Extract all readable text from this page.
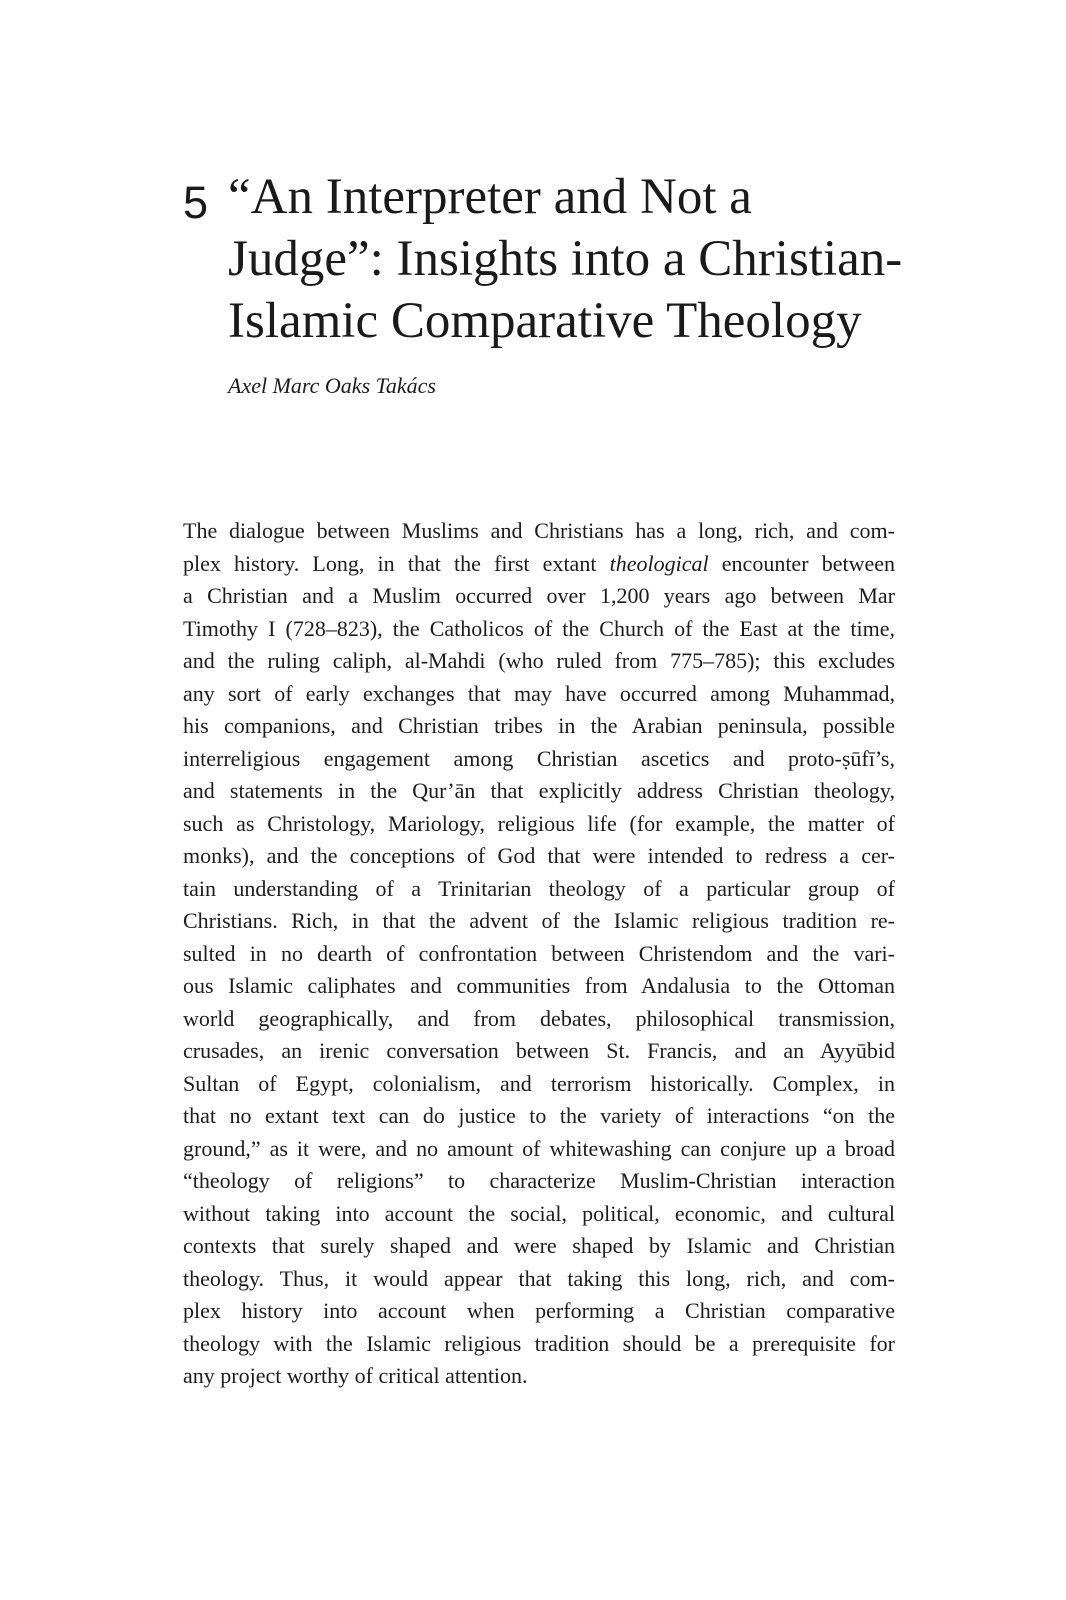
5 “An Interpreter and Not a
Judge”: Insights into a Christian-
Islamic Comparative Theology
Axel Marc Oaks Takács
The dialogue between Muslims and Christians has a long, rich, and com-
plex history. Long, in that the first extant theological encounter between
a Christian and a Muslim occurred over 1,200 years ago between Mar
Timothy I (728–823), the Catholicos of the Church of the East at the time,
and the ruling caliph, al-Mahdi (who ruled from 775–785); this excludes
any sort of early exchanges that may have occurred among Muhammad,
his companions, and Christian tribes in the Arabian peninsula, possible
interreligious engagement among Christian ascetics and proto-ṣūfī’s,
and statements in the Qur’ān that explicitly address Christian theology,
such as Christology, Mariology, religious life (for example, the matter of
monks), and the conceptions of God that were intended to redress a cer-
tain understanding of a Trinitarian theology of a particular group of
Christians. Rich, in that the advent of the Islamic religious tradition re-
sulted in no dearth of confrontation between Christendom and the vari-
ous Islamic caliphates and communities from Andalusia to the Ottoman
world geographically, and from debates, philosophical transmission,
crusades, an irenic conversation between St. Francis, and an Ayyūbid
Sultan of Egypt, colonialism, and terrorism historically. Complex, in
that no extant text can do justice to the variety of interactions “on the
ground,” as it were, and no amount of whitewashing can conjure up a broad
“theology of religions” to characterize Muslim-Christian interaction
without taking into account the social, political, economic, and cultural
contexts that surely shaped and were shaped by Islamic and Christian
theology. Thus, it would appear that taking this long, rich, and com-
plex history into account when performing a Christian comparative
theology with the Islamic religious tradition should be a prerequisite for
any project worthy of critical attention.
